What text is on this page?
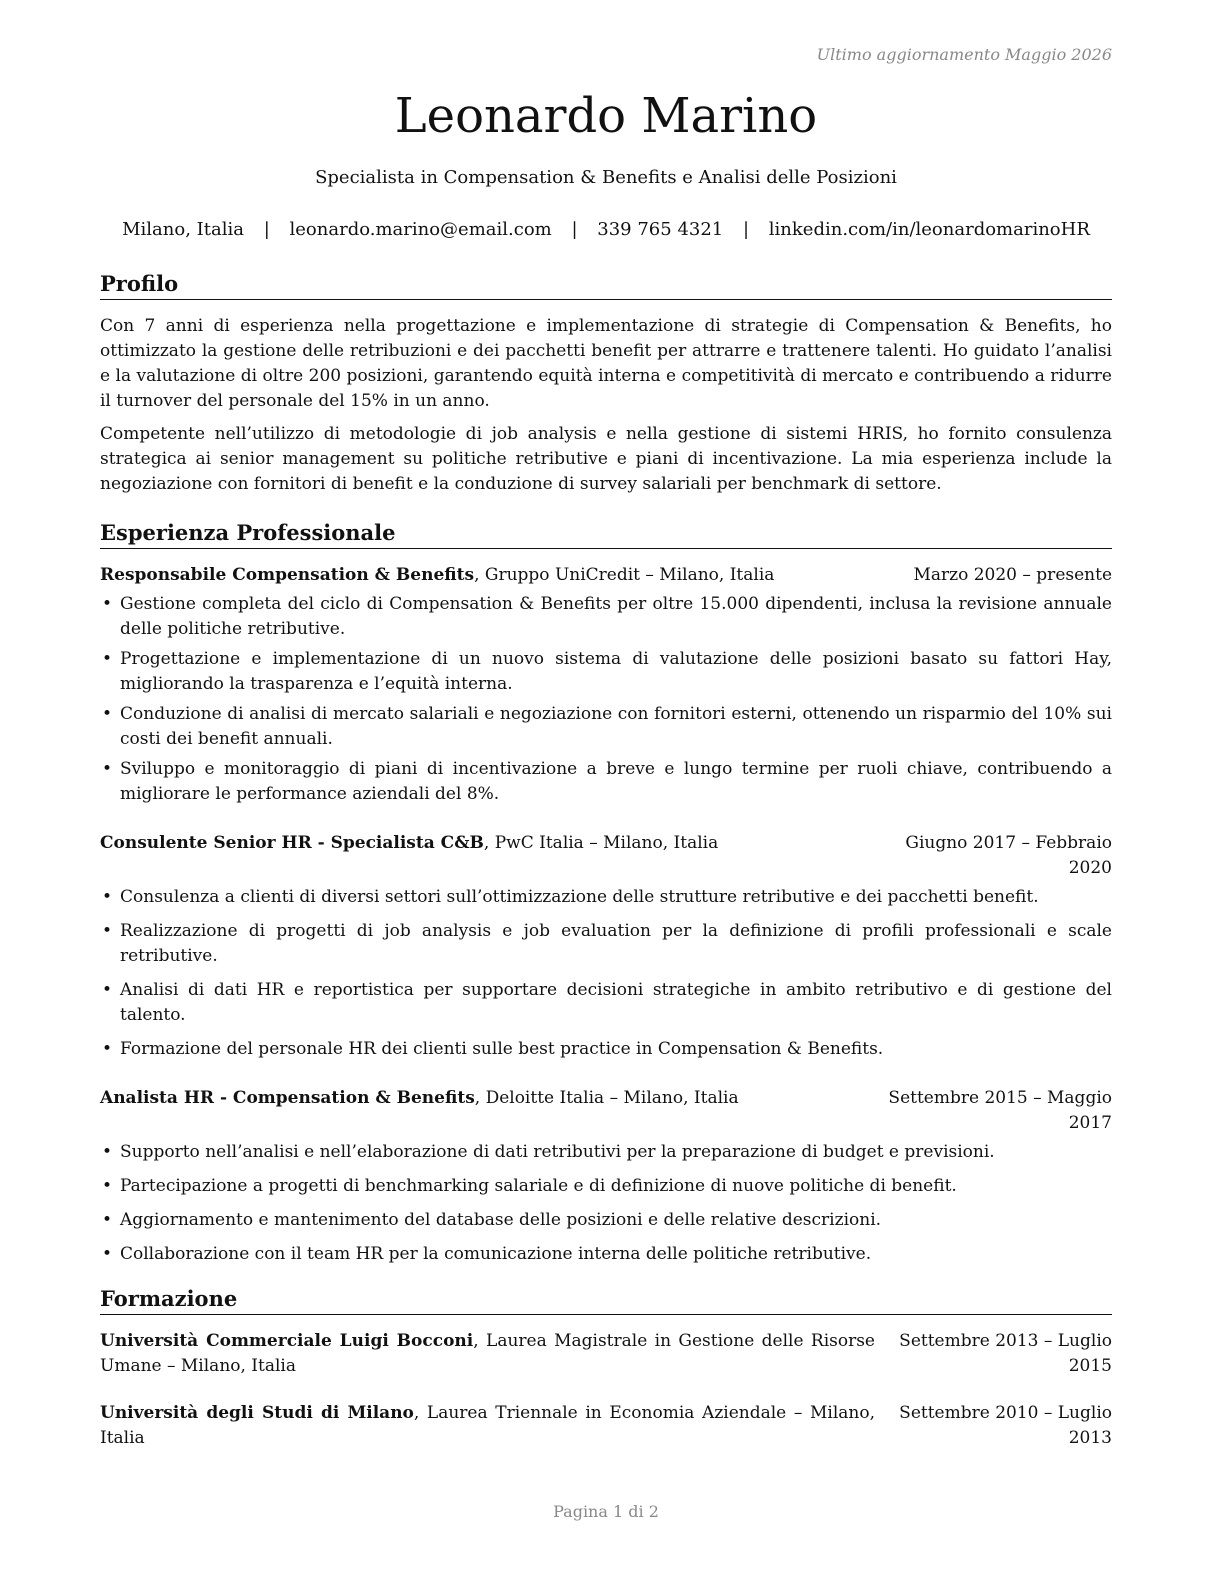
Ultimo aggiornamento Maggio 2026
Leonardo Marino
Specialista in Compensation & Benefits e Analisi delle Posizioni
Milano, Italia | leonardo.marino@email.com | 339 765 4321 | linkedin.com/in/leonardomarinoHR
Profilo

Con 7 anni di esperienza nella progettazione e implementazione di strategie di Compensation & Benefits, ho ottimizzato la gestione delle retribuzioni e dei pacchetti benefit per attrarre e trattenere talenti. Ho guidato l’analisi e la valutazione di oltre 200 posizioni, garantendo equità interna e competitività di mercato e contribuendo a ridurre il turnover del personale del 15% in un anno.

Competente nell’utilizzo di metodologie di job analysis e nella gestione di sistemi HRIS, ho fornito consulenza strategica ai senior management su politiche retributive e piani di incentivazione. La mia esperienza include la negoziazione con fornitori di benefit e la conduzione di survey salariali per benchmark di settore.

Esperienza Professionale
Responsabile Compensation & Benefits, Gruppo UniCredit – Milano, Italia	Marzo 2020 – presente
• Gestione completa del ciclo di Compensation & Benefits per oltre 15.000 dipendenti, inclusa la revisione annuale delle politiche retributive.
• Progettazione e implementazione di un nuovo sistema di valutazione delle posizioni basato su fattori Hay, migliorando la trasparenza e l’equità interna.
• Conduzione di analisi di mercato salariali e negoziazione con fornitori esterni, ottenendo un risparmio del 10% sui costi dei benefit annuali.
• Sviluppo e monitoraggio di piani di incentivazione a breve e lungo termine per ruoli chiave, contribuendo a migliorare le performance aziendali del 8%.
Consulente Senior HR - Specialista C&B, PwC Italia – Milano, Italia	Giugno 2017 – Febbraio 2020
• Consulenza a clienti di diversi settori sull’ottimizzazione delle strutture retributive e dei pacchetti benefit.
• Realizzazione di progetti di job analysis e job evaluation per la definizione di profili professionali e scale retributive.
• Analisi di dati HR e reportistica per supportare decisioni strategiche in ambito retributivo e di gestione del talento.
• Formazione del personale HR dei clienti sulle best practice in Compensation & Benefits.
Analista HR - Compensation & Benefits, Deloitte Italia – Milano, Italia	Settembre 2015 – Maggio 2017
• Supporto nell’analisi e nell’elaborazione di dati retributivi per la preparazione di budget e previsioni.
• Partecipazione a progetti di benchmarking salariale e di definizione di nuove politiche di benefit.
• Aggiornamento e mantenimento del database delle posizioni e delle relative descrizioni.
• Collaborazione con il team HR per la comunicazione interna delle politiche retributive.
Formazione
Università Commerciale Luigi Bocconi, Laurea Magistrale in Gestione delle Risorse Umane – Milano, Italia
Settembre 2013 – Luglio 2015
Università degli Studi di Milano, Laurea Triennale in Economia Aziendale – Milano, Italia
Settembre 2010 – Luglio 2013
Pagina 1 di 2
